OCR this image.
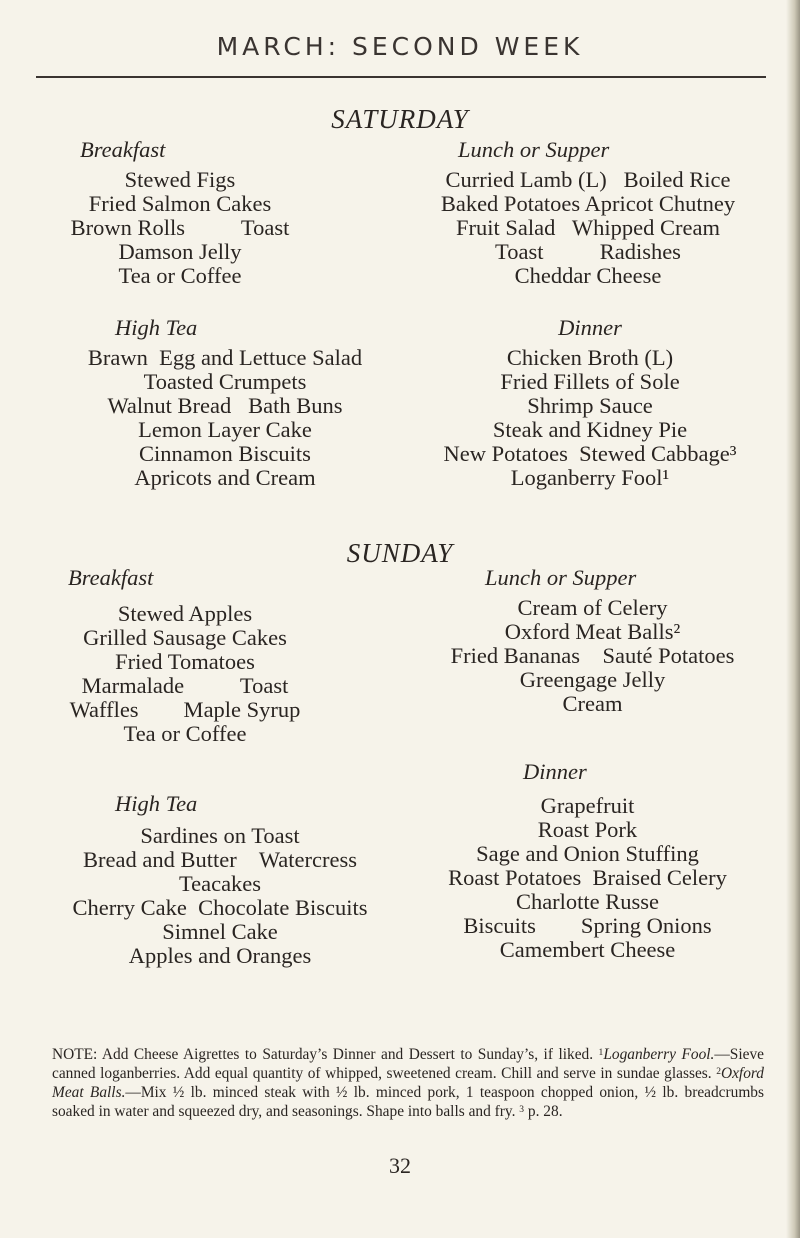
MARCH: SECOND WEEK
SATURDAY
Breakfast
Stewed Figs
Fried Salmon Cakes
Brown Rolls          Toast
Damson Jelly
Tea or Coffee
Lunch or Supper
Curried Lamb (L)   Boiled Rice
Baked Potatoes Apricot Chutney
Fruit Salad   Whipped Cream
Toast          Radishes
Cheddar Cheese
High Tea
Brawn  Egg and Lettuce Salad
Toasted Crumpets
Walnut Bread   Bath Buns
Lemon Layer Cake
Cinnamon Biscuits
Apricots and Cream
Dinner
Chicken Broth (L)
Fried Fillets of Sole
Shrimp Sauce
Steak and Kidney Pie
New Potatoes  Stewed Cabbage³
Loganberry Fool¹
SUNDAY
Breakfast
Stewed Apples
Grilled Sausage Cakes
Fried Tomatoes
Marmalade          Toast
Waffles        Maple Syrup
Tea or Coffee
Lunch or Supper
Cream of Celery
Oxford Meat Balls²
Fried Bananas    Sauté Potatoes
Greengage Jelly
Cream
High Tea
Sardines on Toast
Bread and Butter    Watercress
Teacakes
Cherry Cake  Chocolate Biscuits
Simnel Cake
Apples and Oranges
Dinner
Grapefruit
Roast Pork
Sage and Onion Stuffing
Roast Potatoes  Braised Celery
Charlotte Russe
Biscuits        Spring Onions
Camembert Cheese
NOTE: Add Cheese Aigrettes to Saturday’s Dinner and Dessert to Sunday’s, if liked. $^1$Loganberry Fool.—Sieve canned loganberries. Add equal quantity of whipped, sweetened cream. Chill and serve in sundae glasses. $^2$Oxford Meat Balls.—Mix ½ lb. minced steak with ½ lb. minced pork, 1 teaspoon chopped onion, ½ lb. breadcrumbs soaked in water and squeezed dry, and seasonings. Shape into balls and fry. $^3$ p. 28.
32
